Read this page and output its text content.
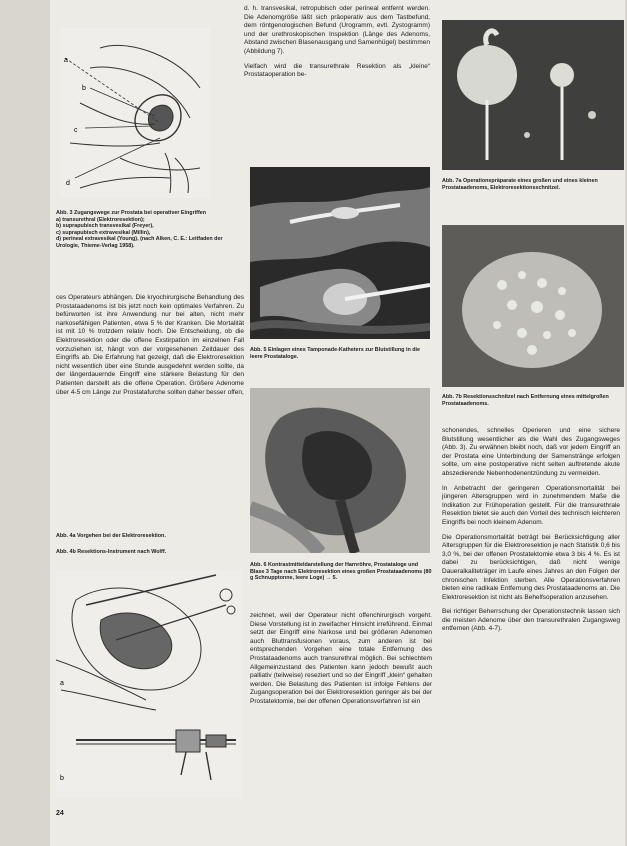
a
b
c
d
Abb. 3 Zugangswege zur Prostata bei operativer Eingriffen
a) transurethral (Elektroresektion);
b) suprapubisch transvesikal (Freyer),
c) suprapubisch extravesikal (Millin),
d) perineal extravesikal (Young), (nach Alken, C. E.: Leitfaden der Urologie, Thieme-Verlag 1958).

ces Operateurs abhängen. Die kryochirurgische Behandlung des Prostataadenoms ist bis jetzt noch kein optimales Verfahren. Zu befürworten ist ihre Anwendung nur bei alten, nicht mehr narkosefähigen Patienten, etwa 5 % der Kranken. Die Mortalität ist mit 10 % trotzdem relativ hoch. Die Entscheidung, ob die Elektroresektion oder die offene Exstirpation im einzelnen Fall vorzuziehen ist, hängt von der vorgesehenen Zeitdauer des Eingriffs ab. Die Erfahrung hat gezeigt, daß die Elektroresektion nicht wesentlich über eine Stunde ausgedehnt werden sollte, da der längerdauernde Eingriff eine stärkere Belastung für den Patienten darstellt als die offene Operation. Größere Adenome über 4-5 cm Länge zur Prostatafurche sollten daher besser offen,

Abb. 4a Vorgehen bei der Elektroresektion.
Abb. 4b Resektions-Instrument nach Wolff.
a
b
24

d. h. transvesikal, retropubisch oder perineal entfernt werden. Die Adenomgröße läßt sich präoperativ aus dem Tastbefund, dem röntgenologischen Befund (Urogramm, evtl. Zystogramm) und der urethroskopischen Inspektion (Länge des Adenoms, Abstand zwischen Blasenausgang und Samenhügel) bestimmen (Abbildung 7).

Vielfach wird die transurethrale Resektion als „kleine“ Prostataoperation be-

Abb. 5 Einlagen eines Tamponade-Katheters zur Blutstillung in die leere Prostataloge.
Abb. 6 Kontrastmitteldarstellung der Harnröhre, Prostataloge und Blase 3 Tage nach Elektroresektion eines großen Prostataadenoms (80 g Schnupptonne, leere Loge) → 5.

zeichnet, weil der Operateur nicht offenchirurgisch vorgeht. Diese Vorstellung ist in zweifacher Hinsicht irreführend. Einmal setzt der Eingriff eine Narkose und bei größeren Adenomen auch Bluttransfusionen voraus, zum anderen ist bei entsprechenden Vorgehen eine totale Entfernung des Prostataadenoms auch transurethral möglich. Bei schlechtem Allgemeinzustand des Patienten kann jedoch bewußt auch palliativ (teilweise) reseziert und so der Eingriff „klein“ gehalten werden. Die Belastung des Patienten ist infolge Fehlens der Zugangsoperation bei der Elektroresektion geringer als bei der Prostatektomie, bei der offenen Operationsverfahren ist ein

Abb. 7a Operationspräparate eines großen und eines kleinen Prostataadenoms, Elektroresektionsschnitzel.
Abb. 7b Resektionsschnitzel nach Entfernung eines mittelgroßen Prostataadenoms.

schonendes, schnelles Operieren und eine sichere Blutstillung wesentlicher als die Wahl des Zugangsweges (Abb. 3). Zu erwähnen bleibt noch, daß vor jedem Eingriff an der Prostata eine Unterbindung der Samenstränge erfolgen sollte, um eine postoperative nicht selten auftretende akute abszedierende Nebenhodenentzündung zu vermeiden.

In Anbetracht der geringeren Operationsmortalität bei jüngeren Altersgruppen wird in zunehmendem Maße die Indikation zur Frühoperation gestellt. Für die transurethrale Resektion bietet sie auch den Vorteil des technisch leichteren Eingriffs bei noch kleinem Adenom.

Die Operationsmortalität beträgt bei Berücksichtigung aller Altersgruppen für die Elektroresektion je nach Statistik 0,6 bis 3,0 %, bei der offenen Prostatektomie etwa 3 bis 4 %. Es ist dabei zu berücksichtigen, daß nicht wenige Daueralkaliteträger im Laufe eines Jahres an den Folgen der chronischen Infektion sterben. Alle Operationsverfahren bieten eine radikale Entfernung des Prostataadenoms an. Die Elektroresektion ist nicht als Behelfsoperation anzusehen.

Bei richtiger Beherrschung der Operationstechnik lassen sich die meisten Adenome über den transurethralen Zugangsweg entfernen (Abb. 4-7).
